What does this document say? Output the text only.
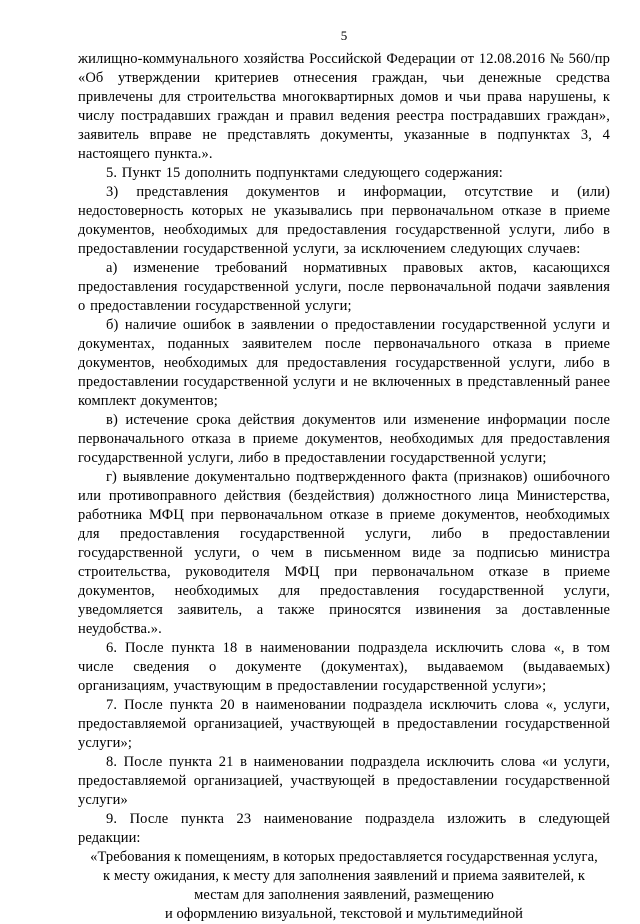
5

жилищно-коммунального хозяйства Российской Федерации от 12.08.2016 № 560/пр «Об утверждении критериев отнесения граждан, чьи денежные средства привлечены для строительства многоквартирных домов и чьи права нарушены, к числу пострадавших граждан и правил ведения реестра пострадавших граждан», заявитель вправе не представлять документы, указанные в подпунктах 3, 4 настоящего пункта.».

5. Пункт 15 дополнить подпунктами следующего содержания:

3) представления документов и информации, отсутствие и (или) недостоверность которых не указывались при первоначальном отказе в приеме документов, необходимых для предоставления государственной услуги, либо в предоставлении государственной услуги, за исключением следующих случаев:

а) изменение требований нормативных правовых актов, касающихся предоставления государственной услуги, после первоначальной подачи заявления о предоставлении государственной услуги;

б) наличие ошибок в заявлении о предоставлении государственной услуги и документах, поданных заявителем после первоначального отказа в приеме документов, необходимых для предоставления государственной услуги, либо в предоставлении государственной услуги и не включенных в представленный ранее комплект документов;

в) истечение срока действия документов или изменение информации после первоначального отказа в приеме документов, необходимых для предоставления государственной услуги, либо в предоставлении государственной услуги;

г) выявление документально подтвержденного факта (признаков) ошибочного или противоправного действия (бездействия) должностного лица Министерства, работника МФЦ при первоначальном отказе в приеме документов, необходимых для предоставления государственной услуги, либо в предоставлении государственной услуги, о чем в письменном виде за подписью министра строительства, руководителя МФЦ при первоначальном отказе в приеме документов, необходимых для предоставления государственной услуги, уведомляется заявитель, а также приносятся извинения за доставленные неудобства.».

6. После пункта 18 в наименовании подраздела исключить слова «, в том числе сведения о документе (документах), выдаваемом (выдаваемых) организациям, участвующим в предоставлении государственной услуги»;

7. После пункта 20 в наименовании подраздела исключить слова «, услуги, предоставляемой организацией, участвующей в предоставлении государственной услуги»;

8. После пункта 21 в наименовании подраздела исключить слова «и услуги, предоставляемой организацией, участвующей в предоставлении государственной услуги»

9. После пункта 23 наименование подраздела изложить в следующей редакции:

«Требования к помещениям, в которых предоставляется государственная услуга,
к месту ожидания, к месту для заполнения заявлений и приема заявителей, к
местам для заполнения заявлений, размещению
и оформлению визуальной, текстовой и мультимедийной
